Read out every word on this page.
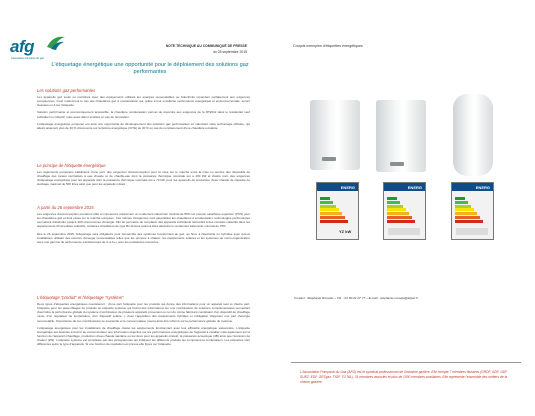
afg
Association française du gaz
NOTE TECHNIQUE AU COMMUNIQUÉ DE PRESSE
du 28 septembre 2015
L'étiquetage énergétique une opportunité pour le déploiement des solutions gaz performantes

Les solutions gaz performantes

Les appareils gaz seuls ou combinés avec des équipements utilisant les énergies renouvelables ou l'électricité répondent parfaitement aux exigences européennes. C'est notamment le cas des chaudières gaz à condensation qui, grâce à leur excellente performance énergétique et environnementale, seront classées en A sur l'étiquette.

Solution performante et économiquement accessible, la chaudière condensation permet de répondre aux exigences de la RT2012 dans le résidentiel neuf individuel ou collectif, mais aussi dans l'existant en cas de rénovation.

L'étiquetage énergétique européen est ainsi une opportunité de développement des solutions gaz performantes en valorisant cette technologie efficace, qui atteint aisément plus de 30 % d'économie sur la facture énergétique (CITE) de 30 % en cas de remplacement d'une chaudière existante.

Le principe de l'étiquette énergétique

Les règlements européens établissent d'une part, des exigences d'écoconception pour la mise sur le marché entre la mise en service des dispositifs de chauffage des locaux centralisés à eau chaude et de chauffe-eau dont la puissance thermique nominale est ≤ 400 kW et d'autre part, des exigences d'étiquetage énergétique pour les appareils dont la puissance thermique nominale est ≤ 70 kW, pour les appareils de production d'eau chaude de capacité de stockage maximal de 500 litres ainsi que pour les appareils mixtes.

À partir du 26 septembre 2015

Les exigences d'écoconception prendront effet et imposeront notamment un rendement saisonnier minimal de 86% sur pouvoir calorifique supérieur (PCS) pour les chaudières gaz et fioul mises sur le marché européen. Ces mêmes d'exigences vont généraliser les chaudières à condensation, technologies performantes permettant d'atteindre jusqu'à 30% d'économies d'énergie. Afin de permettre de remplacer des appareils individuels raccordés à des conduits collectifs dans les appartements d'immeubles collectifs, certaines chaudières de type B1 doivent quant à elles atteindre le rendement saisonnier minimal de 75%.

Dès le 26 septembre 2015, l'étiquetage sera obligatoire pour l'ensemble des systèmes fonctionnant au gaz, au fioul, à l'électricité ou hybrides avec qu'eux installations utilisant des sources d'énergie renouvelables telles que les pompes à chaleur, les équipements solaires et les systèmes de micro-cogénération avec une gamme de performance s'échelonnant de G à A++ pour les puissances couvertes.

L'étiquetage "produit" et l'étiquetage "système"

Deux types d'étiquettes énergétiques coexisteront : d'une part l'étiquette pour les produits qui donne des informations pour un appareil seul et d'autre part, l'étiquette pour les assemblages de produits ou étiquette système qui fournit des informations sur une combinaison de solutions complémentaires permettant d'accroître la performance globale du système (combinaison de plusieurs appareils provenant ou non du même fabricant constituant d'un dispositif de chauffage mixte, d'un régulateur de température, d'un dispositif solaire...). Avec l'apposition des équipements hybrides et l'obligation d'apposer une part d'énergie renouvelable, l'importance de ces combinaisons se soucientle et le consommateur pourra ainsi être informé sur la performance globale du système.

L'étiquetage énergétique pour les installations de chauffage classe les équipements fonctionnant avec leur efficacité énergétique saisonnière. L'étiquette énergétique est destinée à fournir au consommateur une information objective sur les performances énergétiques de l'appareil à installer mais également sur la fonction de l'appareil (chauffage, production d'eau chaude sanitaire ou les deux pour les appareils mixtes), la puissance acoustique (dB) ainsi que l'émission de chaleur (kW). L'étiquette système est complétée par des pictogrammes qui indiquent les différents produits qui composent la combinaison. Les étiquettes sont différentes selon le type d'appareils. Si une fonction de régulation est prévue elle figure sur l'étiquette.

Croquis exemples d'étiquettes énergétiques
ENERG
YZ kW
ENERG	ENERG
Contact : Stéphanie Rossato – Tél. : 01 80 21 07 77 – E-mail : stephanie.rossato@afgaz.fr
L'Association Française du Gaz (AFG) est le syndicat professionnel de l'industrie gazière. Elle compte 7 membres titulaires (GRDF, GDF, GDF SUEZ, EDF, GRTgaz, TIGF, TOTAL), 31 membres associés et plus de 1000 membres auxiliaires. Elle représente l'ensemble des métiers de la chaîne gazière.
